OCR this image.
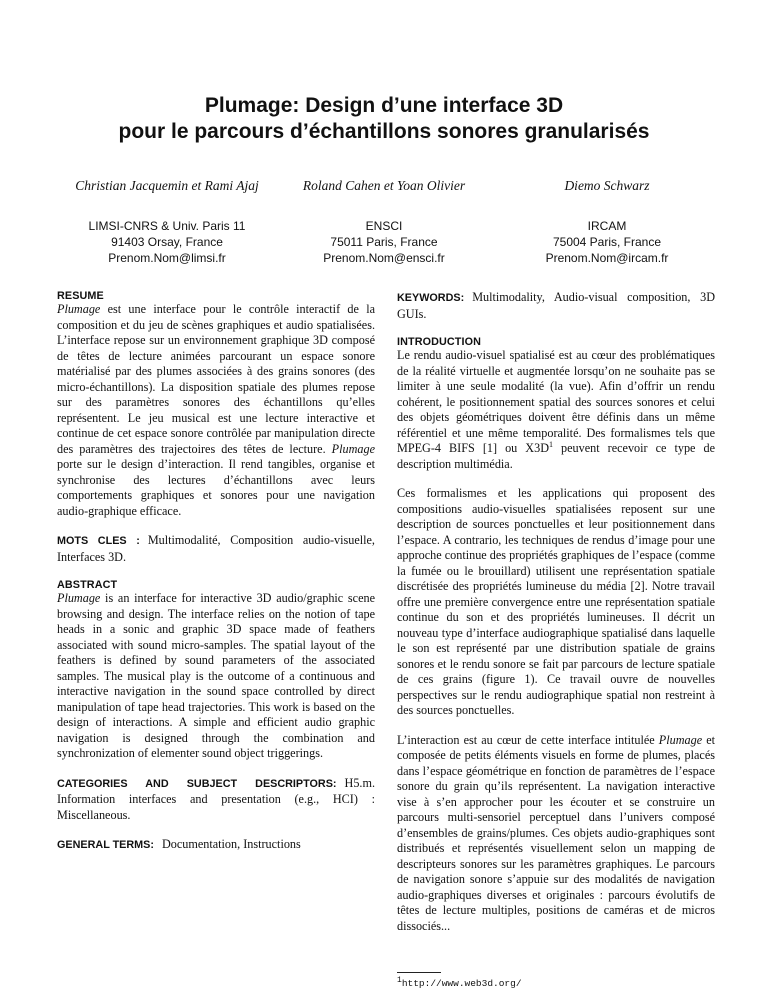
Plumage: Design d’une interface 3D
pour le parcours d’échantillons sonores granularisés
Christian Jacquemin et Rami Ajaj
LIMSI-CNRS & Univ. Paris 11
91403 Orsay, France
Prenom.Nom@limsi.fr
Roland Cahen et Yoan Olivier
ENSCI
75011 Paris, France
Prenom.Nom@ensci.fr
Diemo Schwarz
IRCAM
75004 Paris, France
Prenom.Nom@ircam.fr
RESUME

Plumage est une interface pour le contrôle interactif de la composition et du jeu de scènes graphiques et audio spatialisées. L’interface repose sur un environnement graphique 3D composé de têtes de lecture animées parcourant un espace sonore matérialisé par des plumes associées à des grains sonores (des micro-échantillons). La disposition spatiale des plumes repose sur des paramètres sonores des échantillons qu’elles représentent. Le jeu musical est une lecture interactive et continue de cet espace sonore contrôlée par manipulation directe des paramètres des trajectoires des têtes de lecture. Plumage porte sur le design d’interaction. Il rend tangibles, organise et synchronise des lectures d’échantillons avec leurs comportements graphiques et sonores pour une navigation audio-graphique efficace.

MOTS CLES : Multimodalité, Composition audio-visuelle, Interfaces 3D.

ABSTRACT

Plumage is an interface for interactive 3D audio/graphic scene browsing and design. The interface relies on the notion of tape heads in a sonic and graphic 3D space made of feathers associated with sound micro-samples. The spatial layout of the feathers is defined by sound parameters of the associated samples. The musical play is the outcome of a continuous and interactive navigation in the sound space controlled by direct manipulation of tape head trajectories. This work is based on the design of interactions. A simple and efficient audio graphic navigation is designed through the combination and synchronization of elementer sound object triggerings.

CATEGORIES AND SUBJECT DESCRIPTORS: H5.m. Information interfaces and presentation (e.g., HCI) : Miscellaneous.

GENERAL TERMS: Documentation, Instructions

KEYWORDS: Multimodality, Audio-visual composition, 3D GUIs.

INTRODUCTION

Le rendu audio-visuel spatialisé est au cœur des problématiques de la réalité virtuelle et augmentée lorsqu’on ne souhaite pas se limiter à une seule modalité (la vue). Afin d’offrir un rendu cohérent, le positionnement spatial des sources sonores et celui des objets géométriques doivent être définis dans un même référentiel et une même temporalité. Des formalismes tels que MPEG-4 BIFS [1] ou $X3D^1$ peuvent recevoir ce type de description multimédia.

Ces formalismes et les applications qui proposent des compositions audio-visuelles spatialisées reposent sur une description de sources ponctuelles et leur positionnement dans l’espace. A contrario, les techniques de rendus d’image pour une approche continue des propriétés graphiques de l’espace (comme la fumée ou le brouillard) utilisent une représentation spatiale discrétisée des propriétés lumineuse du média [2]. Notre travail offre une première convergence entre une représentation spatiale continue du son et des propriétés lumineuses. Il décrit un nouveau type d’interface audiographique spatialisé dans laquelle le son est représenté par une distribution spatiale de grains sonores et le rendu sonore se fait par parcours de lecture spatiale de ces grains (figure 1). Ce travail ouvre de nouvelles perspectives sur le rendu audiographique spatial non restreint à des sources ponctuelles.

L’interaction est au cœur de cette interface intitulée Plumage et composée de petits éléments visuels en forme de plumes, placés dans l’espace géométrique en fonction de paramètres de l’espace sonore du grain qu’ils représentent. La navigation interactive vise à s’en approcher pour les écouter et se construire un parcours multi-sensoriel perceptuel dans l’univers composé d’ensembles de grains/plumes. Ces objets audio-graphiques sont distribués et représentés visuellement selon un mapping de descripteurs sonores sur les paramètres graphiques. Le parcours de navigation sonore s’appuie sur des modalités de navigation audio-graphiques diverses et originales : parcours évolutifs de têtes de lecture multiples, positions de caméras et de micros dissociés...

$^1$http://www.web3d.org/
